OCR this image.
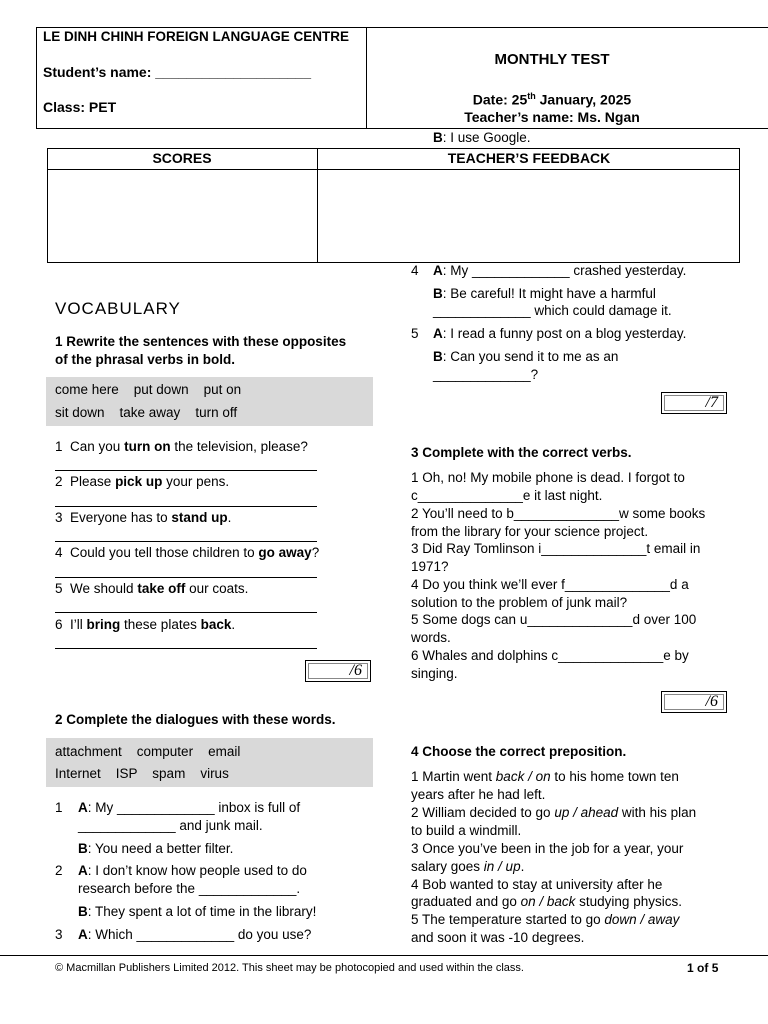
LE DINH CHINH FOREIGN LANGUAGE CENTRE
Student’s name: ____________________
Class: PET
MONTHLY TEST
Date: 25th January, 2025
Teacher’s name: Ms. Ngan
B: I use Google.
SCORES	TEACHER’S FEEDBACK
VOCABULARY
1 Rewrite the sentences with these opposites
of the phrasal verbs in bold.
come here    put down    put on
sit down    take away    turn off
1 Can you turn on the television, please?
2 Please pick up your pens.
3 Everyone has to stand up.
4 Could you tell those children to go away?
5 We should take off our coats.
6 I’ll bring these plates back.
/6
2 Complete the dialogues with these words.
attachment    computer    email
Internet    ISP    spam    virus
1 A: My _____________ inbox is full of
_____________ and junk mail.
B: You need a better filter.
2 A: I don’t know how people used to do
research before the _____________.
B: They spent a lot of time in the library!
3 A: Which _____________ do you use?
4 A: My _____________ crashed yesterday.
B: Be careful! It might have a harmful
_____________ which could damage it.
5 A: I read a funny post on a blog yesterday.
B: Can you send it to me as an
_____________?
/7
3 Complete with the correct verbs.
1 Oh, no! My mobile phone is dead. I forgot to
c______________e it last night.
2 You’ll need to b______________w some books
from the library for your science project.
3 Did Ray Tomlinson i______________t email in
1971?
4 Do you think we’ll ever f______________d a
solution to the problem of junk mail?
5 Some dogs can u______________d over 100
words.
6 Whales and dolphins c______________e by
singing.
/6
4 Choose the correct preposition.
1 Martin went back / on to his home town ten
years after he had left.
2 William decided to go up / ahead with his plan
to build a windmill.
3 Once you’ve been in the job for a year, your
salary goes in / up.
4 Bob wanted to stay at university after he
graduated and go on / back studying physics.
5 The temperature started to go down / away
and soon it was -10 degrees.
© Macmillan Publishers Limited 2012. This sheet may be photocopied and used within the class.	1 of 5
